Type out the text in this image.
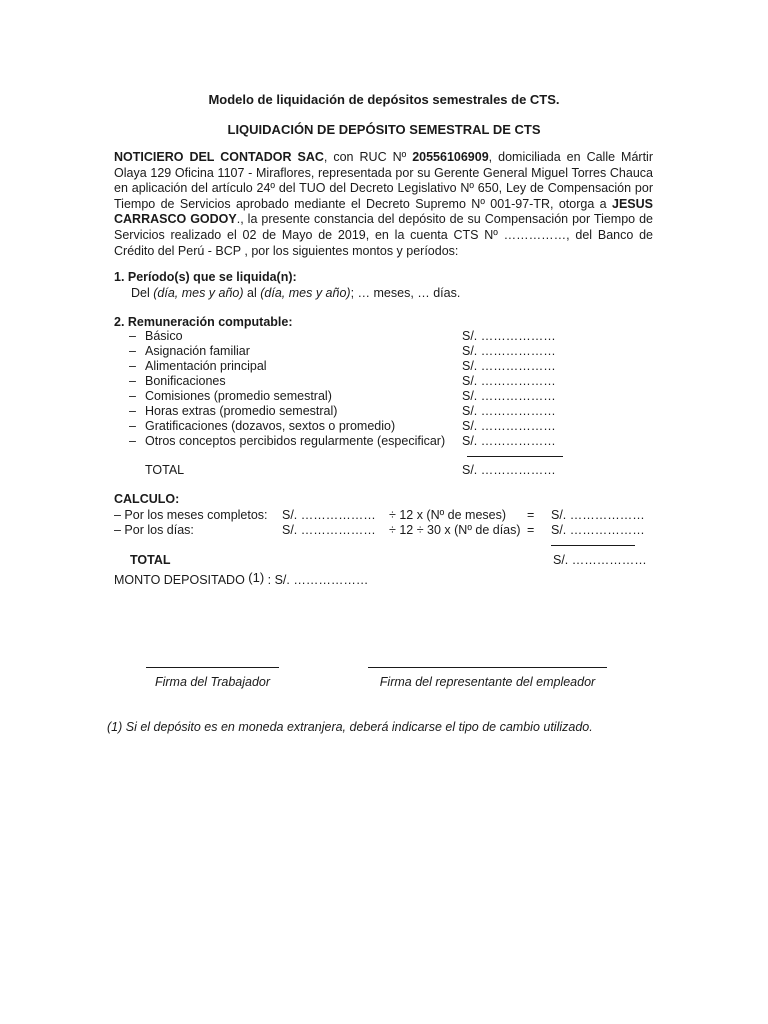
Modelo de liquidación de depósitos semestrales de CTS.
LIQUIDACIÓN DE DEPÓSITO SEMESTRAL DE CTS
NOTICIERO DEL CONTADOR SAC, con RUC Nº 20556106909, domiciliada en Calle Mártir Olaya 129 Oficina 1107 - Miraflores, representada por su Gerente General Miguel Torres Chauca en aplicación del artículo 24º del TUO del Decreto Legislativo Nº 650, Ley de Compensación por Tiempo de Servicios aprobado mediante el Decreto Supremo Nº 001-97-TR, otorga a JESUS CARRASCO GODOY., la presente constancia del depósito de su Compensación por Tiempo de Servicios realizado el 02 de Mayo de 2019, en la cuenta CTS Nº ……………, del Banco de Crédito del Perú - BCP , por los siguientes montos y períodos:
1. Período(s) que se liquida(n):
Del (día, mes y año) al (día, mes y año); … meses, … días.
2. Remuneración computable:
– Básico	S/. ………………
– Asignación familiar	S/. ………………
– Alimentación principal	S/. ………………
– Bonificaciones	S/. ………………
– Comisiones (promedio semestral)	S/. ………………
– Horas extras (promedio semestral)	S/. ………………
– Gratificaciones (dozavos, sextos o promedio)	S/. ………………
– Otros conceptos percibidos regularmente (especificar) S/. ………………
TOTAL	S/. ………………
CALCULO:
– Por los meses completos: S/. ……………… ÷ 12 x (Nº de meses) = S/. ………………
– Por los días:	S/. ……………… ÷ 12 ÷ 30 x (Nº de días) = S/. ………………
TOTAL	S/. ………………
MONTO DEPOSITADO $^{(1)}$ : S/. ………………
Firma del Trabajador	Firma del representante del empleador
(1) Si el depósito es en moneda extranjera, deberá indicarse el tipo de cambio utilizado.
